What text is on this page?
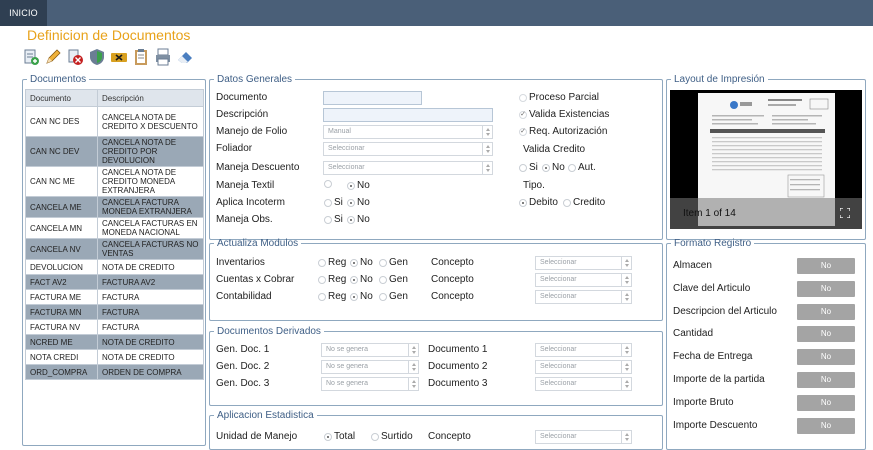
INICIO
Definicion de Documentos
Documentos
Documento	Descripción
CAN NC DES	CANCELA NOTA DE CREDITO X DESCUENTO
CAN NC DEV	CANCELA NOTA DE CREDITO POR DEVOLUCION
CAN NC ME	CANCELA NOTA DE CREDITO MONEDA EXTRANJERA
CANCELA ME	CANCELA FACTURA MONEDA EXTRANJERA
CANCELA MN	CANCELA FACTURAS EN MONEDA NACIONAL
CANCELA NV	CANCELA FACTURAS NO VENTAS
DEVOLUCION	NOTA DE CREDITO
FACT AV2	FACTURA AV2
FACTURA ME	FACTURA
FACTURA MN	FACTURA
FACTURA NV	FACTURA
NCRED ME	NOTA DE CREDITO
NOTA CREDI	NOTA DE CREDITO
ORD_COMPRA	ORDEN DE COMPRA
Datos Generales
Documento
Descripción
Manejo de Folio	Manual
Foliador	Seleccionar
Maneja Descuento	Seleccionar
Maneja Textil	No
Aplica Incoterm	Si No
Maneja Obs.	Si No
Proceso Parcial
✓ Valida Existencias
✓ Req. Autorización
Valida Credito
Si No Aut.
Tipo.
Debito Credito
Actualiza Modulos
Inventarios	Reg No Gen Concepto	Seleccionar
Cuentas x Cobrar	Reg No Gen Concepto	Seleccionar
Contabilidad	Reg No Gen Concepto	Seleccionar
Documentos Derivados
Gen. Doc. 1	No se genera	Documento 1	Seleccionar
Gen. Doc. 2	No se genera	Documento 2	Seleccionar
Gen. Doc. 3	No se genera	Documento 3	Seleccionar
Aplicacion Estadistica
Unidad de Manejo	Total	Surtido Concepto	Seleccionar
Layout de Impresión
Item 1 of 14
Formato Registro
Almacen	No
Clave del Articulo	No
Descripcion del Articulo	No
Cantidad	No
Fecha de Entrega	No
Importe de la partida	No
Importe Bruto	No
Importe Descuento	No
